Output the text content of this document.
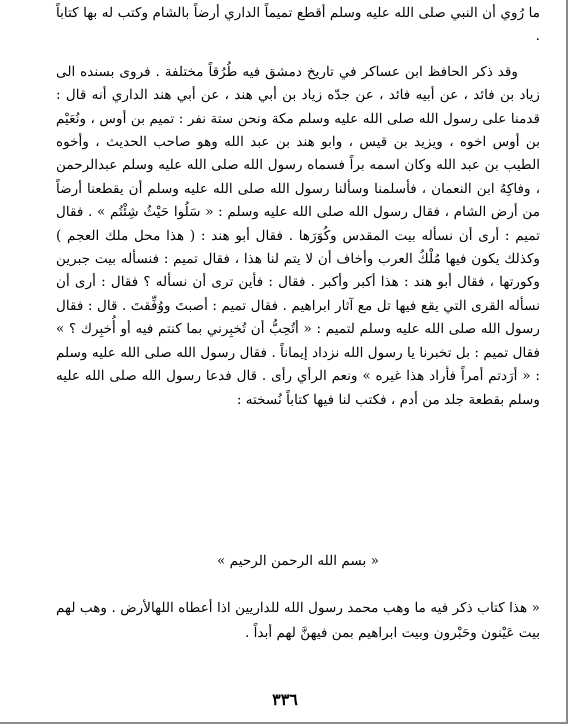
ما رُوي أن النبي صلى الله عليه وسلم أقطع تميماً الداري أرضاً بالشام وكتب له بها كتاباً .

وقد ذكر الحافظ ابن عساكر في تاريخ دمشق فيه طُرُقاً مختلفة . فروى بسنده الى زياد بن فائد ، عن أبيه فائد ، عن جدّه زياد بن أبي هند ، عن أبي هند الداري أنه قال : قدمنا على رسول الله صلى الله عليه وسلم مكة ونحن ستة نفر : تميم بن أوس ، ونُعَيْم بن أوس اخوه ، ويزيد بن قيس ، وابو هند بن عبد الله وهو صاحب الحديث ، وأخوه الطيب بن عبد الله وكان اسمه براً فسماه رسول الله صلى الله عليه وسلم عبدالرحمن ، وفاكِهُ ابن النعمان ، فأسلمنا وسألنا رسول الله صلى الله عليه وسلم أن يقطعنا أرضاً من أرض الشام ، فقال رسول الله صلى الله عليه وسلم : « سَلُوا حَيْثُ شِئْتُم » . فقال تميم : أرى أن نسأله بيت المقدس وكُوَرَها . فقال أبو هند : ( هذا محل ملك العجم ) وكذلك يكون فيها مُلْكُ العرب وأخاف أن لا يتم لنا هذا ، فقال تميم : فنسأله بيت جبرين وكورتها ، فقال أبو هند : هذا أكبر وأكبر . فقال : فأين ترى أن نسأله ؟ فقال : أرى أن نسأله القرى التي يقع فيها تل مع آثار ابراهيم . فقال تميم : أصبتَ ووُفِّقتَ . قال : فقال رسول الله صلى الله عليه وسلم لتميم : « أتُحِبُّ أن تُخبِرني بما كنتم فيه أو أُخبِرك ؟ » فقال تميم : بل تخبرنا يا رسول الله نزداد إيماناً . فقال رسول الله صلى الله عليه وسلم : « أرَدتم أمراً فأراد هذا غيره » ونعم الرأي رأى . قال فدعا رسول الله صلى الله عليه وسلم بقطعة جلد من أدم ، فكتب لنا فيها كتاباً نُسخته :

« بسم الله الرحمن الرحيم »
« هذا كتاب ذكر فيه ما وهب محمد رسول الله للداريين اذا أعطاه اللهالأرض . وهب لهم بيت عَيْنون وحَبْرون وبيت ابراهيم بمن فيهنَّ لهم أبداً .
٣٣٦
